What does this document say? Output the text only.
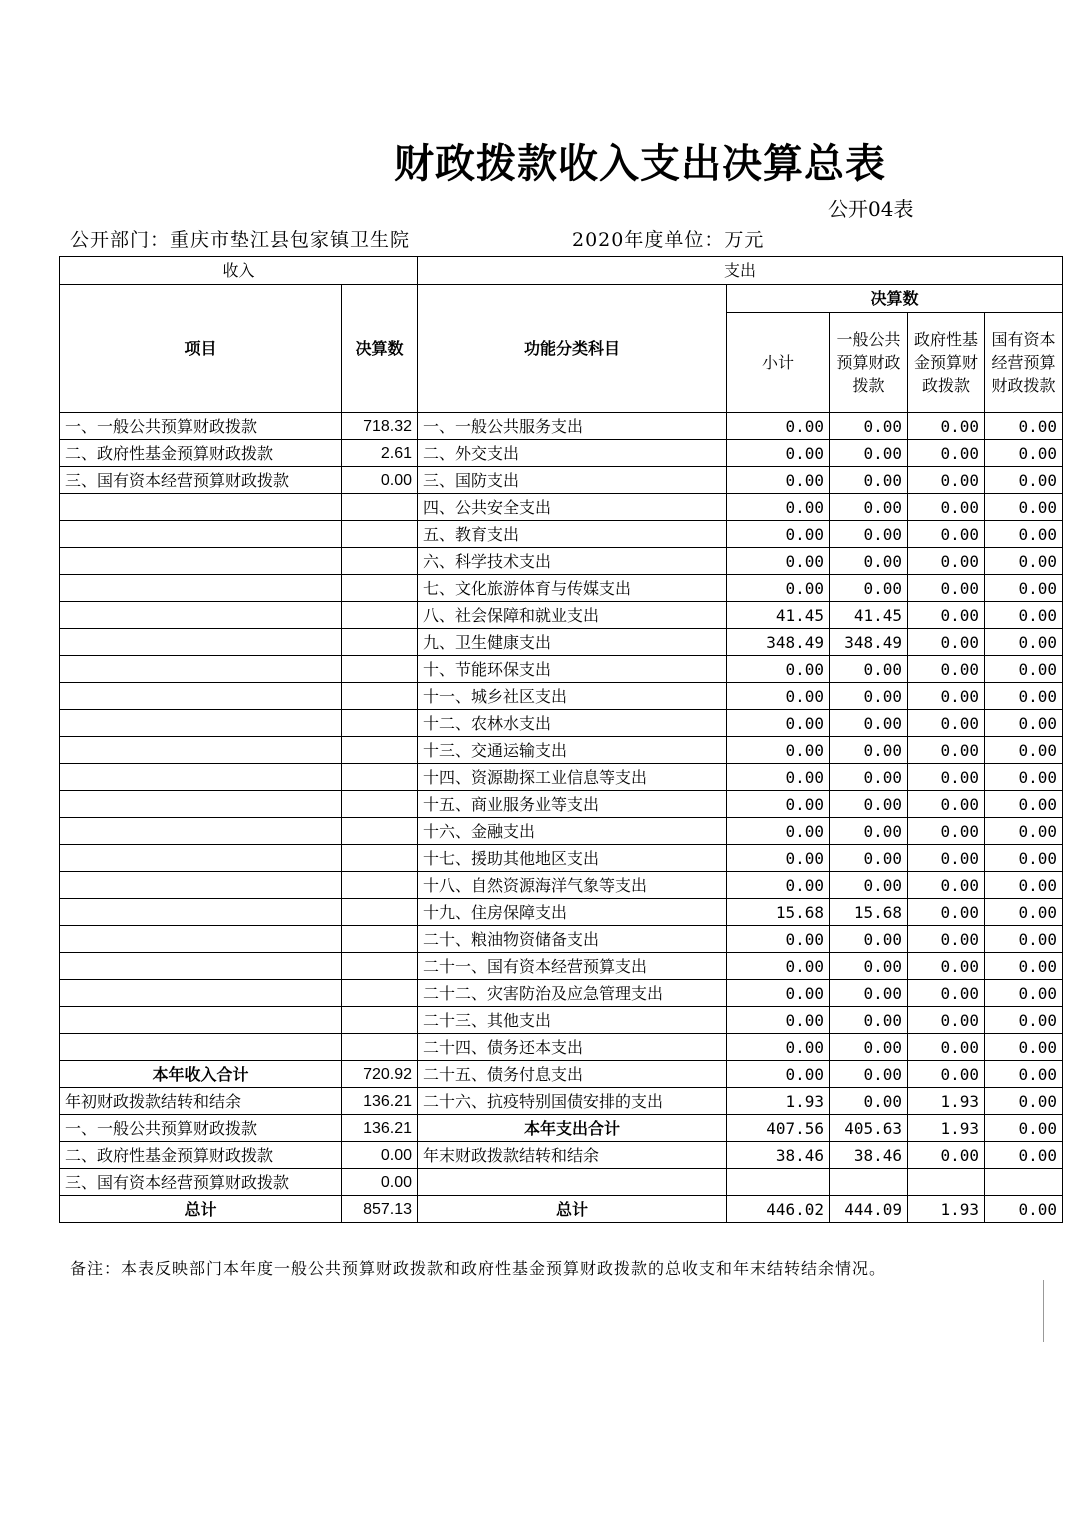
财政拨款收入支出决算总表
公开04表
公开部门：重庆市垫江县包家镇卫生院	2020年度单位：万元
收入		支出				
项目	决算数	功能分类科目	决算数			
			小计	一般公共预算财政拨款	政府性基金预算财政拨款	国有资本经营预算财政拨款
一、一般公共预算财政拨款	718.32	一、一般公共服务支出	0.00	0.00	0.00	0.00
二、政府性基金预算财政拨款	2.61	二、外交支出	0.00	0.00	0.00	0.00
三、国有资本经营预算财政拨款	0.00	三、国防支出	0.00	0.00	0.00	0.00
		四、公共安全支出	0.00	0.00	0.00	0.00
		五、教育支出	0.00	0.00	0.00	0.00
		六、科学技术支出	0.00	0.00	0.00	0.00
		七、文化旅游体育与传媒支出	0.00	0.00	0.00	0.00
		八、社会保障和就业支出	41.45	41.45	0.00	0.00
		九、卫生健康支出	348.49	348.49	0.00	0.00
		十、节能环保支出	0.00	0.00	0.00	0.00
		十一、城乡社区支出	0.00	0.00	0.00	0.00
		十二、农林水支出	0.00	0.00	0.00	0.00
		十三、交通运输支出	0.00	0.00	0.00	0.00
		十四、资源勘探工业信息等支出	0.00	0.00	0.00	0.00
		十五、商业服务业等支出	0.00	0.00	0.00	0.00
		十六、金融支出	0.00	0.00	0.00	0.00
		十七、援助其他地区支出	0.00	0.00	0.00	0.00
		十八、自然资源海洋气象等支出	0.00	0.00	0.00	0.00
		十九、住房保障支出	15.68	15.68	0.00	0.00
		二十、粮油物资储备支出	0.00	0.00	0.00	0.00
		二十一、国有资本经营预算支出	0.00	0.00	0.00	0.00
		二十二、灾害防治及应急管理支出	0.00	0.00	0.00	0.00
		二十三、其他支出	0.00	0.00	0.00	0.00
		二十四、债务还本支出	0.00	0.00	0.00	0.00
本年收入合计	720.92	二十五、债务付息支出	0.00	0.00	0.00	0.00
年初财政拨款结转和结余	136.21	二十六、抗疫特别国债安排的支出	1.93	0.00	1.93	0.00
一、一般公共预算财政拨款	136.21	本年支出合计	407.56	405.63	1.93	0.00
二、政府性基金预算财政拨款	0.00	年末财政拨款结转和结余	38.46	38.46	0.00	0.00
三、国有资本经营预算财政拨款	0.00					
总计	857.13	总计	446.02	444.09	1.93	0.00
备注：本表反映部门本年度一般公共预算财政拨款和政府性基金预算财政拨款的总收支和年末结转结余情况。
